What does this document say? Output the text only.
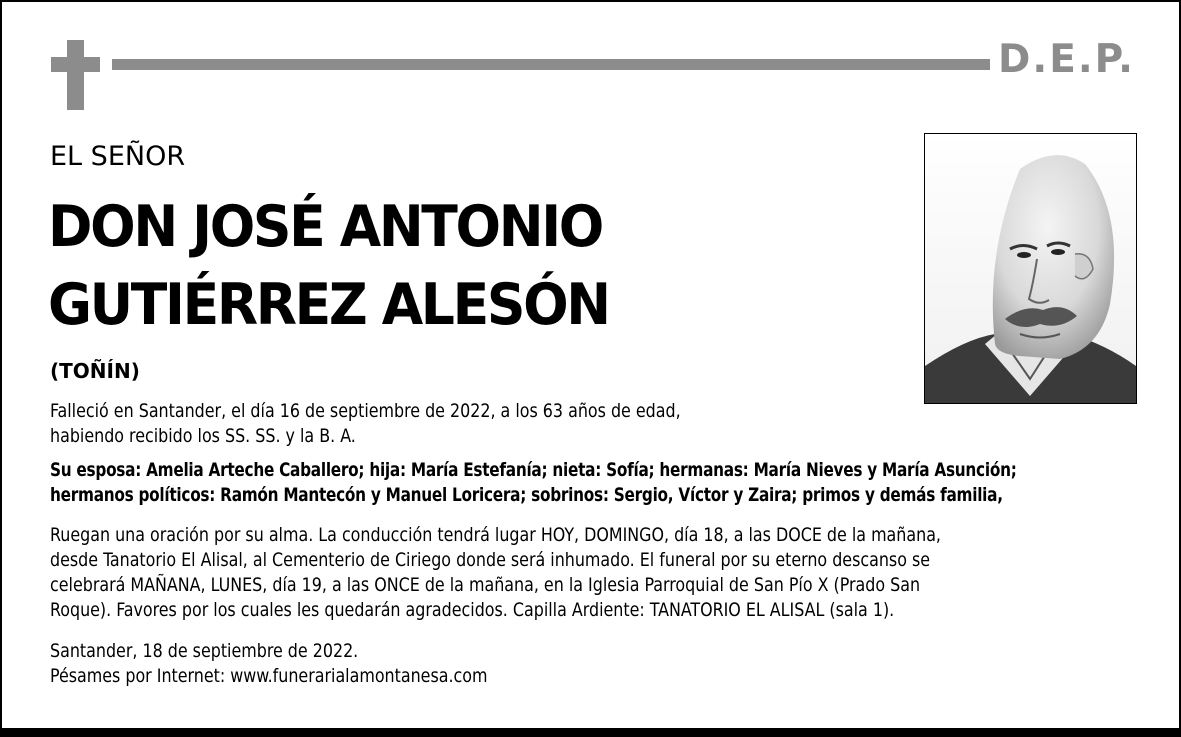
D.E.P.
EL SEÑOR
DON JOSÉ ANTONIO
GUTIÉRREZ ALESÓN
(TOÑÍN)
Falleció en Santander, el día 16 de septiembre de 2022, a los 63 años de edad,
habiendo recibido los SS. SS. y la B. A.
Su esposa: Amelia Arteche Caballero; hija: María Estefanía; nieta: Sofía; hermanas: María Nieves y María Asunción;
hermanos políticos: Ramón Mantecón y Manuel Loricera; sobrinos: Sergio, Víctor y Zaira; primos y demás familia,
Ruegan una oración por su alma. La conducción tendrá lugar HOY, DOMINGO, día 18, a las DOCE de la mañana,
desde Tanatorio El Alisal, al Cementerio de Ciriego donde será inhumado. El funeral por su eterno descanso se
celebrará MAÑANA, LUNES, día 19, a las ONCE de la mañana, en la Iglesia Parroquial de San Pío X (Prado San
Roque). Favores por los cuales les quedarán agradecidos. Capilla Ardiente: TANATORIO EL ALISAL (sala 1).
Santander, 18 de septiembre de 2022.
Pésames por Internet: www.funerarialamontanesa.com
